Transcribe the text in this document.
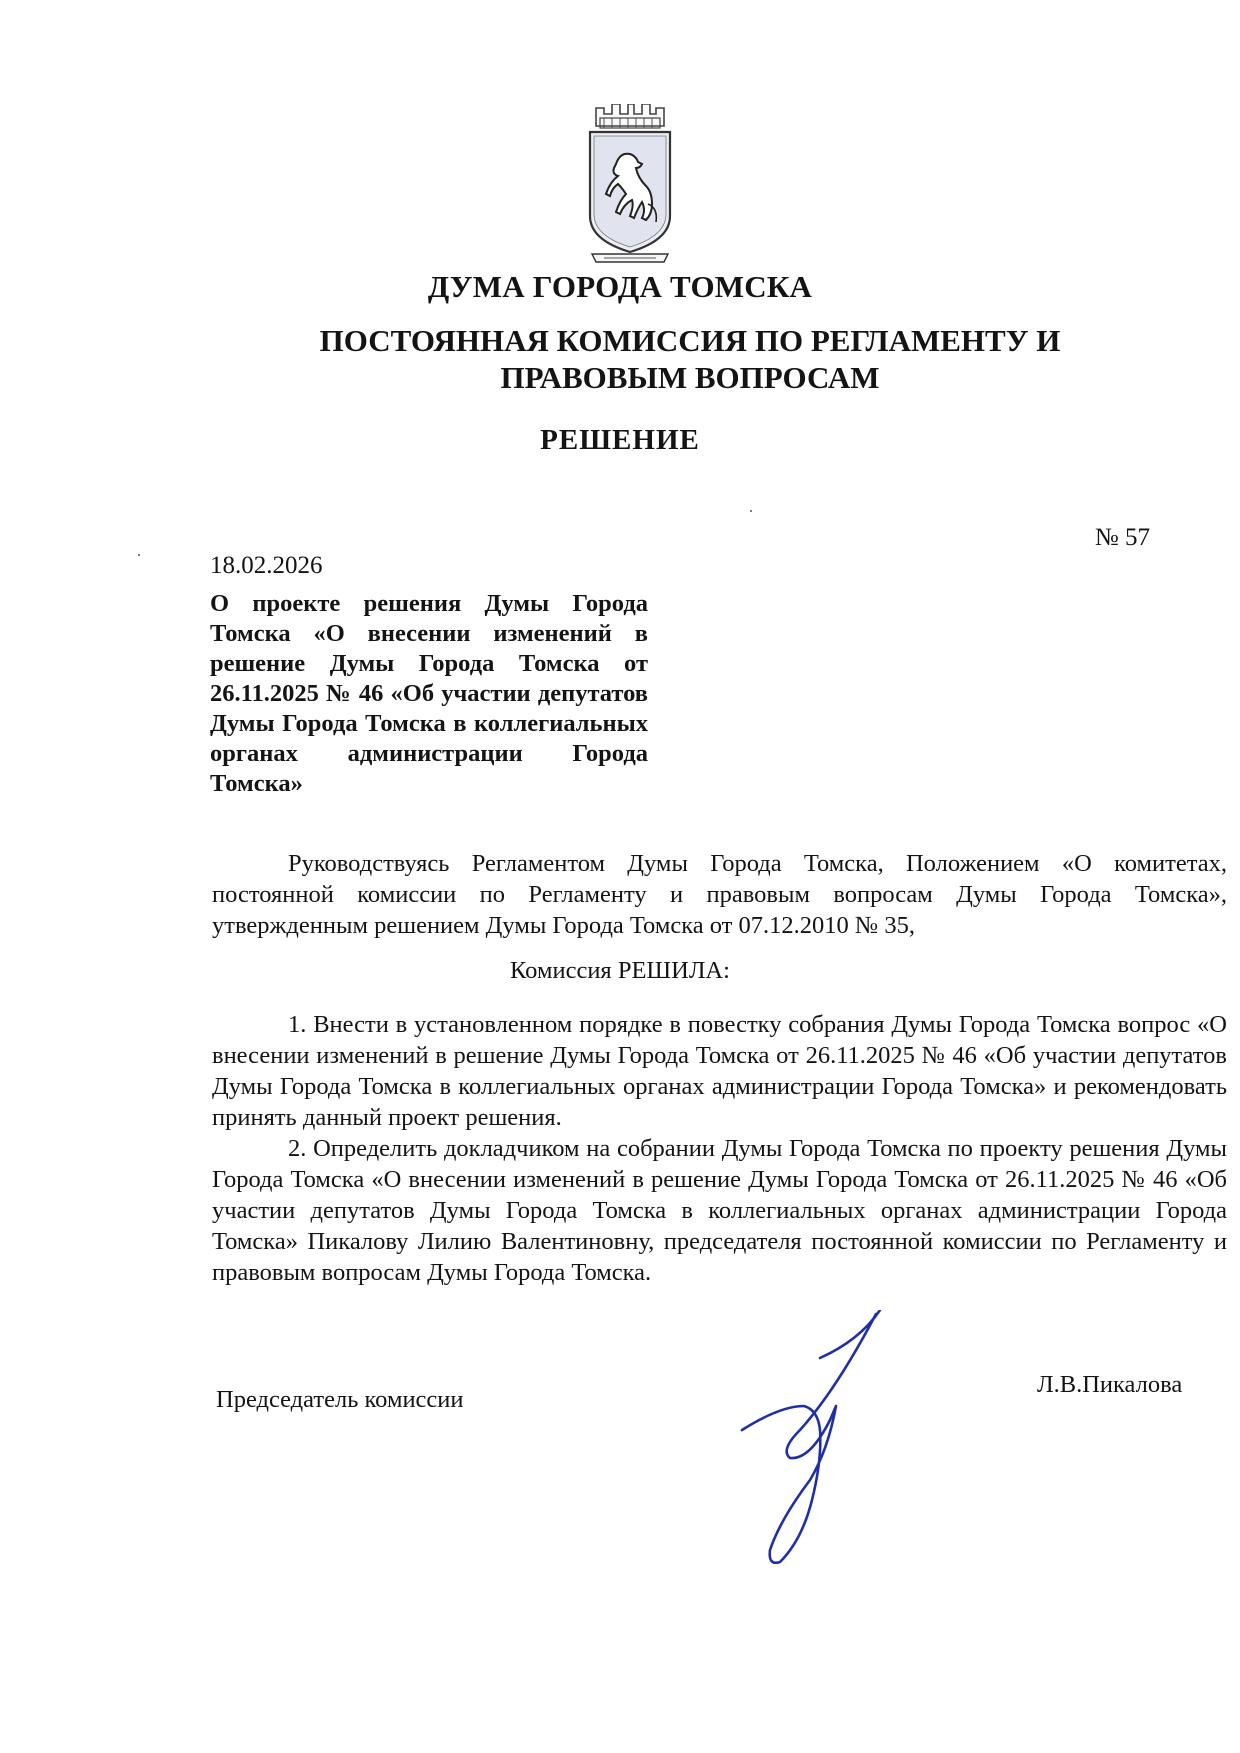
ДУМА ГОРОДА ТОМСКА
ПОСТОЯННАЯ КОМИССИЯ ПО РЕГЛАМЕНТУ И ПРАВОВЫМ ВОПРОСАМ
РЕШЕНИЕ
№ 57
18.02.2026
О проекте решения Думы Города Томска «О внесении изменений в решение Думы Города Томска от 26.11.2025 № 46 «Об участии депутатов Думы Города Томска в коллегиальных органах администрации Города Томска»

Руководствуясь Регламентом Думы Города Томска, Положением «О комитетах, постоянной комиссии по Регламенту и правовым вопросам Думы Города Томска», утвержденным решением Думы Города Томска от 07.12.2010 № 35,

Комиссия РЕШИЛА:

1. Внести в установленном порядке в повестку собрания Думы Города Томска вопрос «О внесении изменений в решение Думы Города Томска от 26.11.2025 № 46 «Об участии депутатов Думы Города Томска в коллегиальных органах администрации Города Томска» и рекомендовать принять данный проект решения.

2. Определить докладчиком на собрании Думы Города Томска по проекту решения Думы Города Томска «О внесении изменений в решение Думы Города Томска от 26.11.2025 № 46 «Об участии депутатов Думы Города Томска в коллегиальных органах администрации Города Томска» Пикалову Лилию Валентиновну, председателя постоянной комиссии по Регламенту и правовым вопросам Думы Города Томска.

Председатель комиссии
Л.В.Пикалова
